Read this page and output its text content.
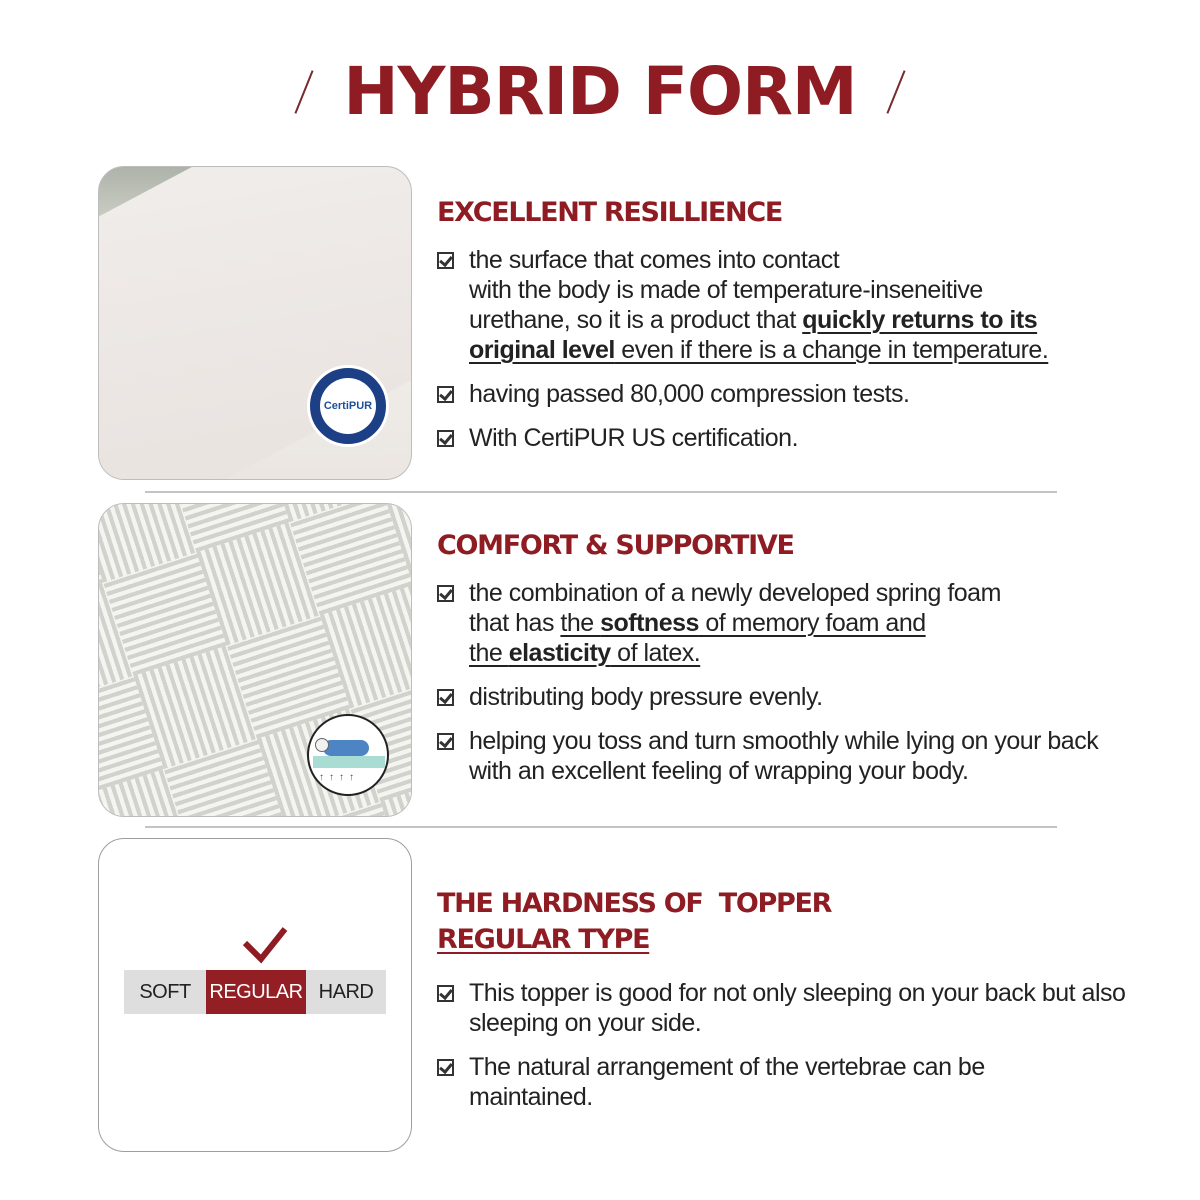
HYBRID FORM
CertiPUR
EXCELLENT RESILLIENCE
the surface that comes into contact
with the body is made of temperature-inseneitive
urethane, so it is a product that quickly returns to its
original level even if there is a change in temperature.
having passed 80,000 compression tests.
With CertiPUR US certification.
↑↑↑↑
COMFORT & SUPPORTIVE
the combination of a newly developed spring foam
that has the softness of memory foam and
the elasticity of latex.
distributing body pressure evenly.
helping you toss and turn smoothly while lying on your back with an excellent feeling of wrapping your body.
SOFT REGULAR HARD
THE HARDNESS OF  TOPPER
REGULAR TYPE
This topper is good for not only sleeping on your back but also sleeping on your side.
The natural arrangement of the vertebrae can be maintained.
